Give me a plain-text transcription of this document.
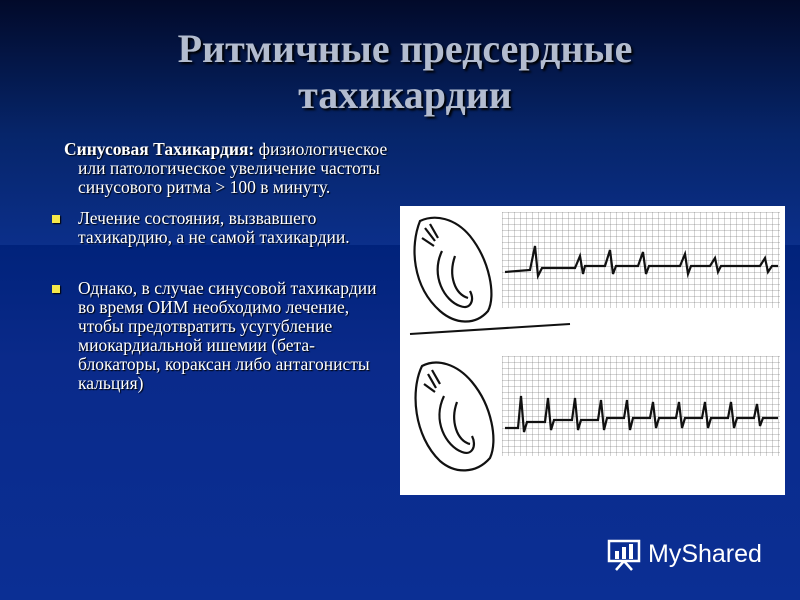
Ритмичные предсердные
тахикардии

Синусовая Тахикардия: физиологическое или патологическое увеличение частоты синусового ритма > 100 в минуту.

Лечение состояния, вызвавшего тахикардию, а не самой тахикардии.

Однако, в случае синусовой тахикардии во время ОИМ необходимо лечение, чтобы предотвратить усугубление миокардиальной ишемии (бета-блокаторы, кораксан либо антагонисты кальция)

MyShared
